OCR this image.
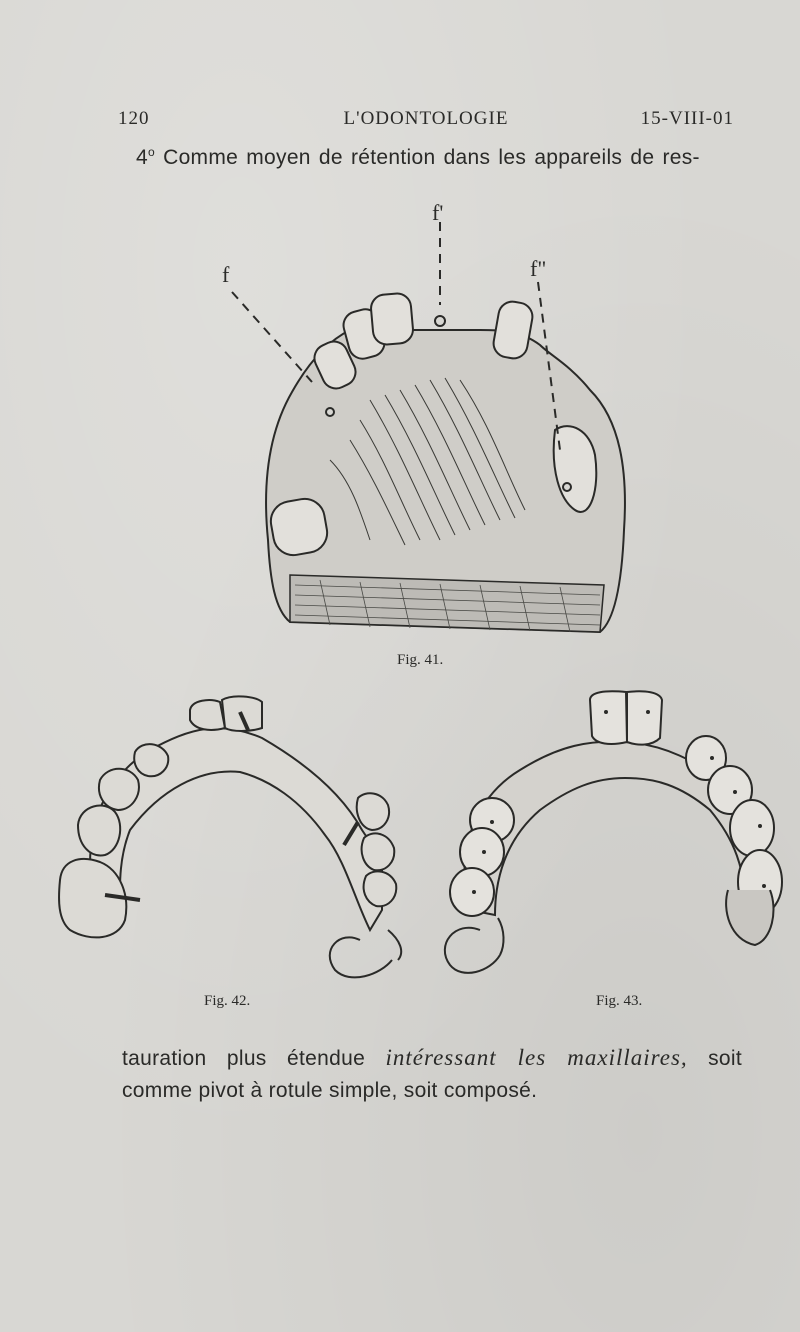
120	L'ODONTOLOGIE	15-VIII-01
4$^o$ Comme moyen de rétention dans les appareils de res-
f
f'
f"
Fig. 41.
Fig. 42.	Fig. 43.
tauration plus étendue intéressant les maxillaires, soit
comme pivot à rotule simple, soit composé.
